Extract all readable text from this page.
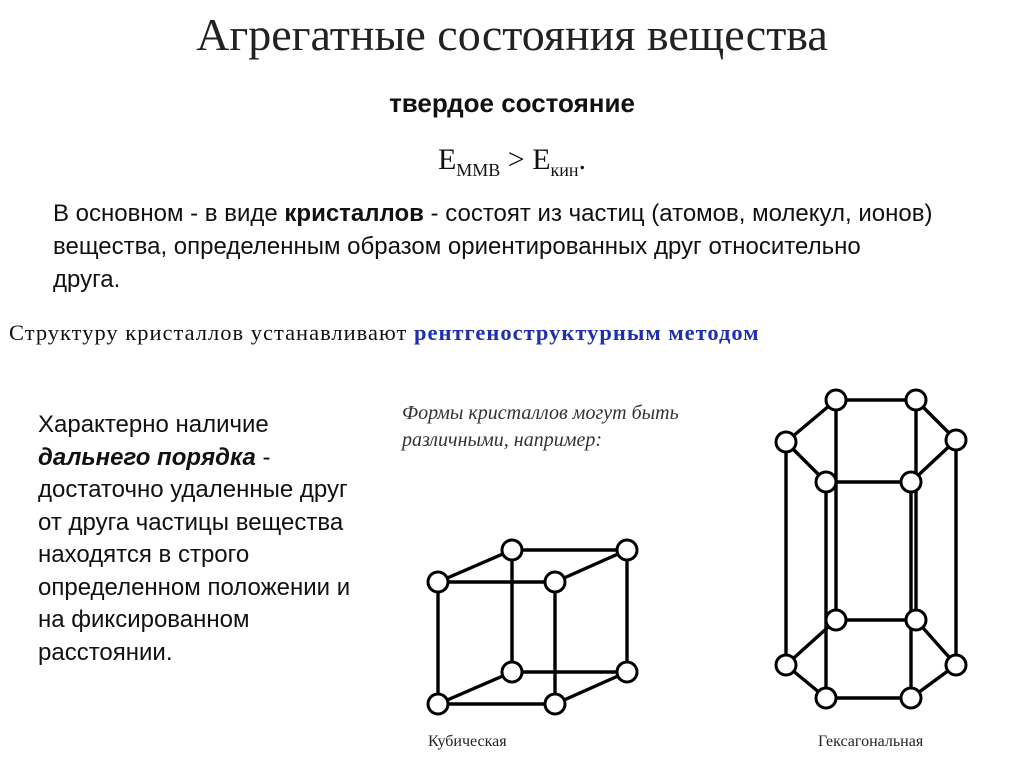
Агрегатные состояния вещества
твердое состояние
$E_{ММВ} > E_{кин}$.
В основном - в виде кристаллов - состоят из частиц (атомов, молекул, ионов) вещества, определенным образом ориентированных друг относительно друга.
Структуру кристаллов устанавливают рентгеноструктурным методом
Характерно наличие дальнего порядка - достаточно удаленные друг от друга частицы вещества находятся в строго определенном положении и на фиксированном расстоянии.
Формы кристаллов могут быть различными, например:
Кубическая	Гексагональная
